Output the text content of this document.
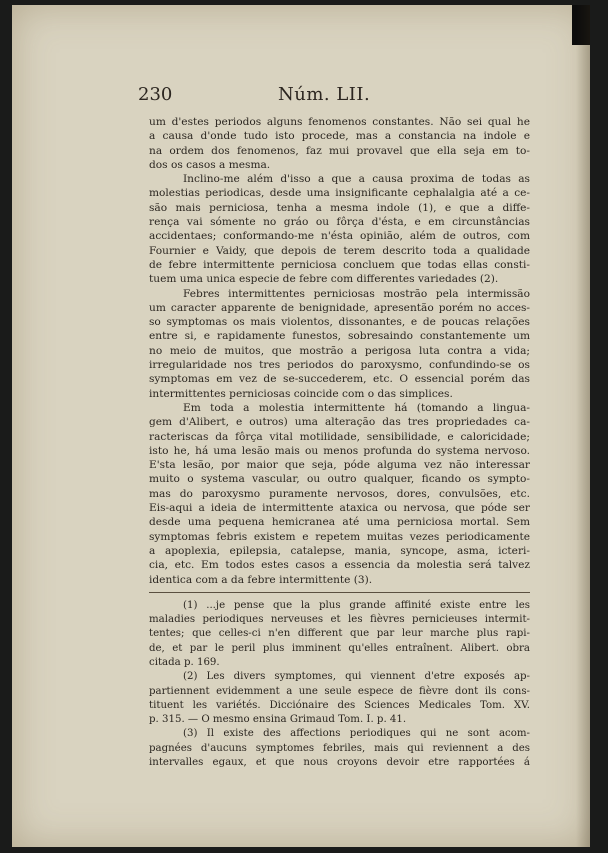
230	Núm. LII.
um d'estes periodos alguns fenomenos constantes. Não sei qual he
a causa d'onde tudo isto procede, mas a constancia na indole e
na ordem dos fenomenos, faz mui provavel que ella seja em to-
dos os casos a mesma.
Inclino-me além d'isso a que a causa proxima de todas as
molestias periodicas, desde uma insignificante cephalalgia até a ce-
são mais perniciosa, tenha a mesma indole (1), e que a diffe-
rença vai sómente no gráo ou fôrça d'ésta, e em circunstâncias
accidentaes; conformando-me n'ésta opinião, além de outros, com
Fournier e Vaidy, que depois de terem descrito toda a qualidade
de febre intermittente perniciosa concluem que todas ellas consti-
tuem uma unica especie de febre com differentes variedades (2).
Febres intermittentes perniciosas mostrão pela intermissão
um caracter apparente de benignidade, apresentão porém no acces-
so symptomas os mais violentos, dissonantes, e de poucas relações
entre si, e rapidamente funestos, sobresaindo constantemente um
no meio de muitos, que mostrão a perigosa luta contra a vida;
irregularidade nos tres periodos do paroxysmo, confundindo-se os
symptomas em vez de se-succederem, etc. O essencial porém das
intermittentes perniciosas coincide com o das simplices.
Em toda a molestia intermittente há (tomando a lingua-
gem d'Alibert, e outros) uma alteração das tres propriedades ca-
racteriscas da fôrça vital motilidade, sensibilidade, e caloricidade;
isto he, há uma lesão mais ou menos profunda do systema nervoso.
E'sta lesão, por maior que seja, póde alguma vez não interessar
muito o systema vascular, ou outro qualquer, ficando os sympto-
mas do paroxysmo puramente nervosos, dores, convulsões, etc.
Eis-aqui a ideia de intermittente ataxica ou nervosa, que póde ser
desde uma pequena hemicranea até uma perniciosa mortal. Sem
symptomas febris existem e repetem muitas vezes periodicamente
a apoplexia, epilepsia, catalepse, mania, syncope, asma, icteri-
cia, etc. Em todos estes casos a essencia da molestia será talvez
identica com a da febre intermittente (3).
(1) ...je pense que la plus grande affinité existe entre les
maladies periodiques nerveuses et les fièvres pernicieuses intermit-
tentes; que celles-ci n'en different que par leur marche plus rapi-
de, et par le peril plus imminent qu'elles entraînent. Alibert. obra
citada p. 169.
(2) Les divers symptomes, qui viennent d'etre exposés ap-
partiennent evidemment a une seule espece de fièvre dont ils cons-
tituent les variétés. Dicciónaire des Sciences Medicales Tom. XV.
p. 315. — O mesmo ensina Grimaud Tom. I. p. 41.
(3) Il existe des affections periodiques qui ne sont acom-
pagnées d'aucuns symptomes febriles, mais qui reviennent a des
intervalles egaux, et que nous croyons devoir etre rapportées á
